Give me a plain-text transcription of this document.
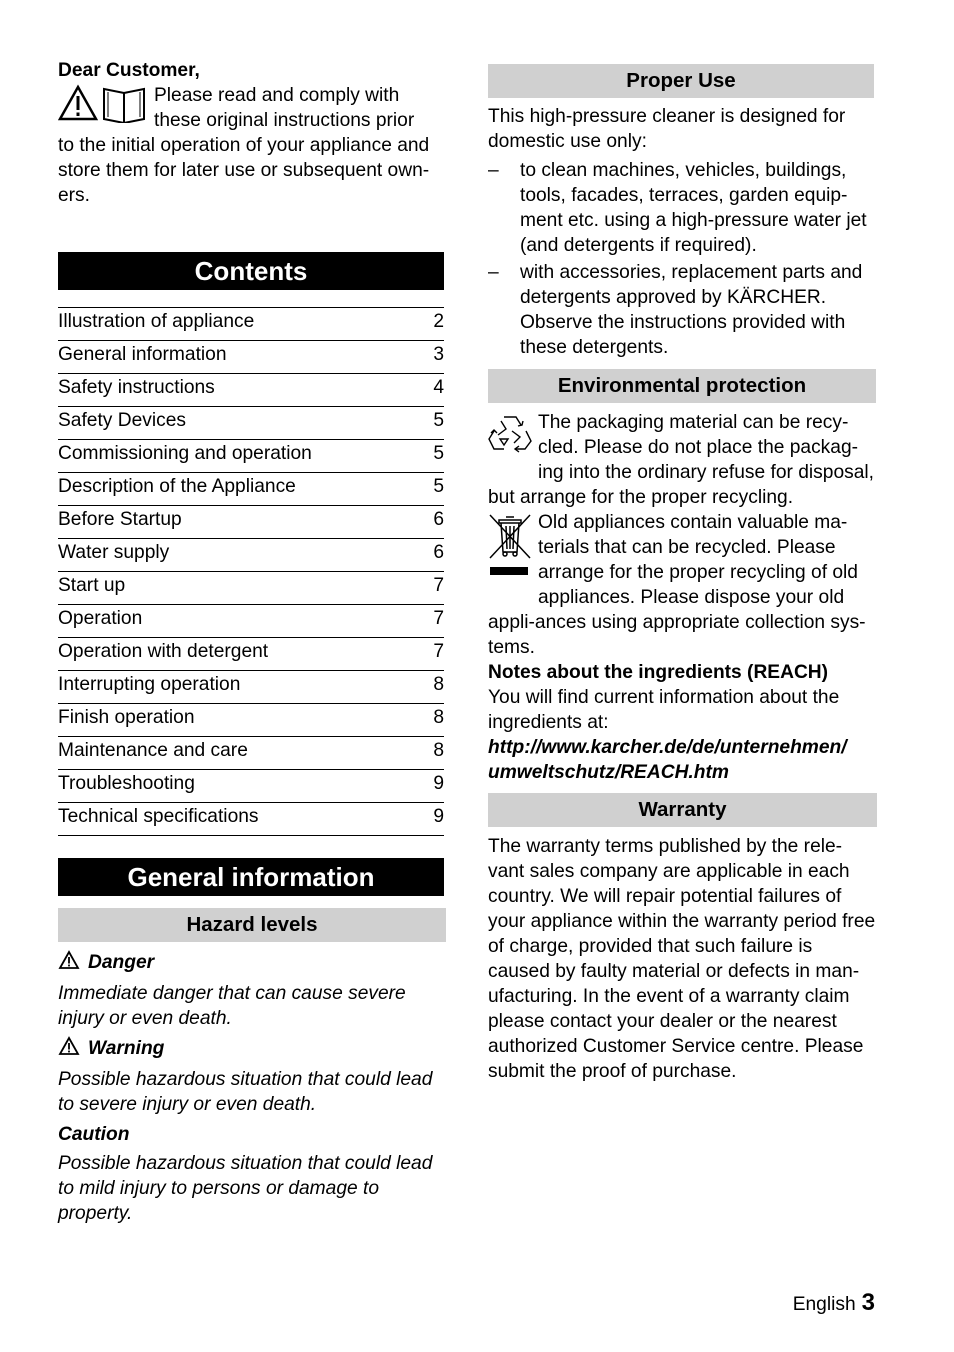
Dear Customer,

Please read and comply with

these original instructions prior

to the initial operation of your appliance and store them for later use or subsequent own-ers.

Contents
Illustration of appliance	2
General information	3
Safety instructions	4
Safety Devices	5
Commissioning and operation	5
Description of the Appliance	5
Before Startup	6
Water supply	6
Start up	7
Operation	7
Operation with detergent	7
Interrupting operation	8
Finish operation	8
Maintenance and care	8
Troubleshooting	9
Technical specifications	9
General information
Hazard levels

Danger

Immediate danger that can cause severe injury or even death.

Warning

Possible hazardous situation that could lead to severe injury or even death.

Caution

Possible hazardous situation that could lead to mild injury to persons or damage to property.

Proper Use

This high-pressure cleaner is designed for domestic use only:

–	to clean machines, vehicles, buildings, tools, facades, terraces, garden equip-ment etc. using a high-pressure water jet (and detergents if required).
–	with accessories, replacement parts and detergents approved by KÄRCHER. Observe the instructions provided with these detergents.
Environmental protection

The packaging material can be recy-cled. Please do not place the packag-ing into the ordinary refuse for disposal, but arrange for the proper recycling.

Old appliances contain valuable ma-terials that can be recycled. Please arrange for the proper recycling of old appliances. Please dispose your old appli-ances using appropriate collection sys-tems.

Notes about the ingredients (REACH)

You will find current information about the ingredients at:

http://www.karcher.de/de/unternehmen/

umweltschutz/REACH.htm

Warranty

The warranty terms published by the rele-vant sales company are applicable in each country. We will repair potential failures of your appliance within the warranty period free of charge, provided that such failure is caused by faulty material or defects in man-ufacturing. In the event of a warranty claim please contact your dealer or the nearest authorized Customer Service centre. Please submit the proof of purchase.

English 3
